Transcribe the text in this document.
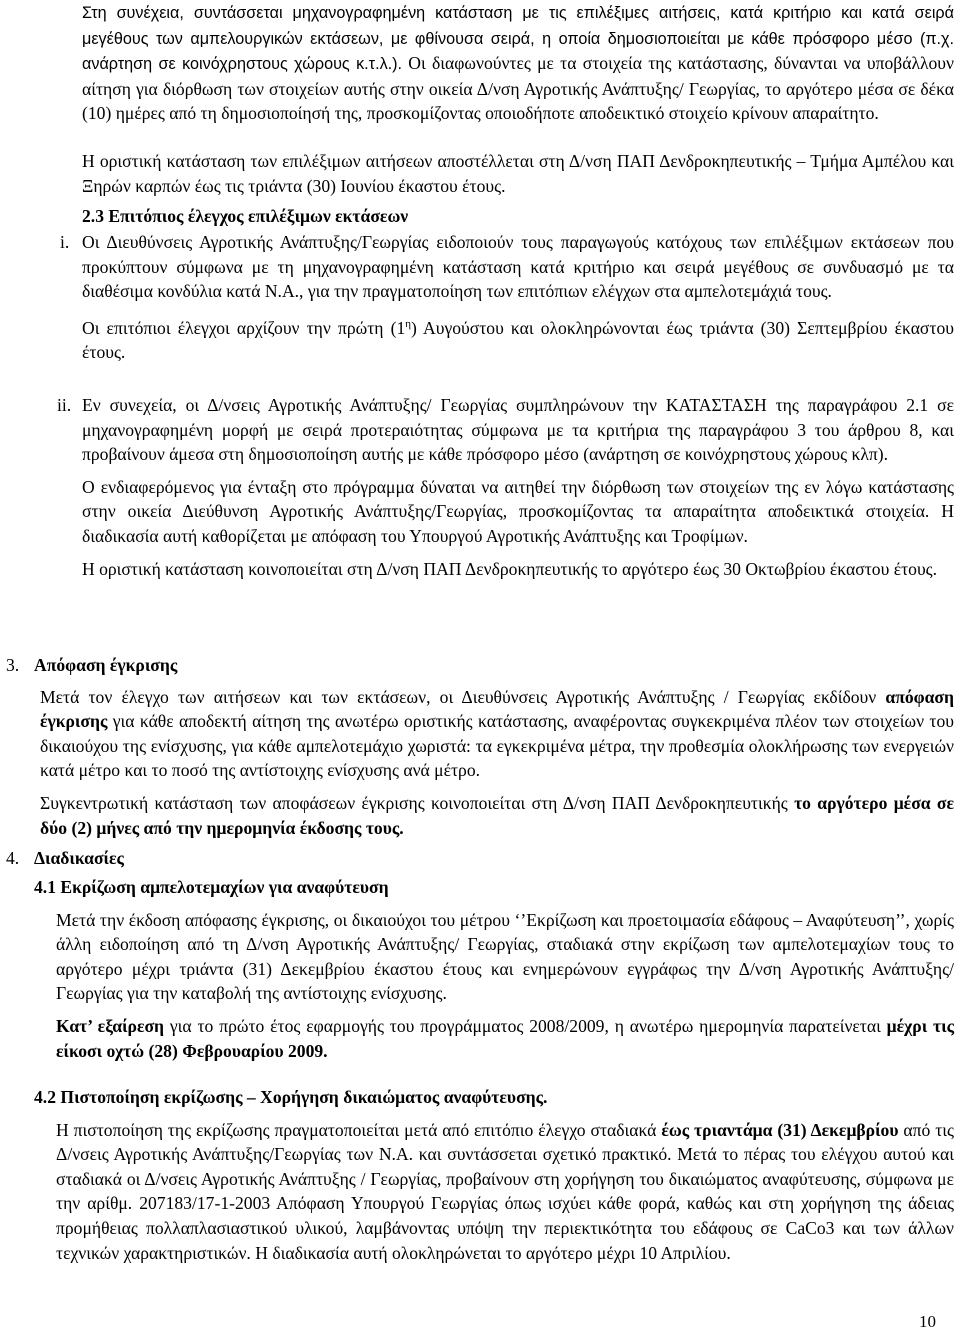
Στη συνέχεια, συντάσσεται μηχανογραφημένη κατάσταση με τις επιλέξιμες αιτήσεις, κατά κριτήριο και κατά σειρά μεγέθους των αμπελουργικών εκτάσεων, με φθίνουσα σειρά, η οποία δημοσιοποιείται με κάθε πρόσφορο μέσο (π.χ. ανάρτηση σε κοινόχρηστους χώρους κ.τ.λ.). Οι διαφωνούντες με τα στοιχεία της κατάστασης, δύνανται να υποβάλλουν αίτηση για διόρθωση των στοιχείων αυτής στην οικεία Δ/νση Αγροτικής Ανάπτυξης/ Γεωργίας, το αργότερο μέσα σε δέκα (10) ημέρες από τη δημοσιοποίησή της, προσκομίζοντας οποιοδήποτε αποδεικτικό στοιχείο κρίνουν απαραίτητο.

Η οριστική κατάσταση των επιλέξιμων αιτήσεων αποστέλλεται στη Δ/νση ΠΑΠ Δενδροκηπευτικής – Τμήμα Αμπέλου και Ξηρών καρπών έως τις τριάντα (30) Ιουνίου έκαστου έτους.

2.3 Επιτόπιος έλεγχος επιλέξιμων εκτάσεων

i. Οι Διευθύνσεις Αγροτικής Ανάπτυξης/Γεωργίας ειδοποιούν τους παραγωγούς κατόχους των επιλέξιμων εκτάσεων που προκύπτουν σύμφωνα με τη μηχανογραφημένη κατάσταση κατά κριτήριο και σειρά μεγέθους σε συνδυασμό με τα διαθέσιμα κονδύλια κατά Ν.Α., για την πραγματοποίηση των επιτόπιων ελέγχων στα αμπελοτεμάχιά τους.

Οι επιτόπιοι έλεγχοι αρχίζουν την πρώτη $(1^\eta)$ Αυγούστου και ολοκληρώνονται έως τριάντα (30) Σεπτεμβρίου έκαστου έτους.

ii. Εν συνεχεία, οι Δ/νσεις Αγροτικής Ανάπτυξης/ Γεωργίας συμπληρώνουν την ΚΑΤΑΣΤΑΣΗ της παραγράφου 2.1 σε μηχανογραφημένη μορφή με σειρά προτεραιότητας σύμφωνα με τα κριτήρια της παραγράφου 3 του άρθρου 8, και προβαίνουν άμεσα στη δημοσιοποίηση αυτής με κάθε πρόσφορο μέσο (ανάρτηση σε κοινόχρηστους χώρους κλπ).

Ο ενδιαφερόμενος για ένταξη στο πρόγραμμα δύναται να αιτηθεί την διόρθωση των στοιχείων της εν λόγω κατάστασης στην οικεία Διεύθυνση Αγροτικής Ανάπτυξης/Γεωργίας, προσκομίζοντας τα απαραίτητα αποδεικτικά στοιχεία. Η διαδικασία αυτή καθορίζεται με απόφαση του Υπουργού Αγροτικής Ανάπτυξης και Τροφίμων.

Η οριστική κατάσταση κοινοποιείται στη Δ/νση ΠΑΠ Δενδροκηπευτικής το αργότερο έως 30 Οκτωβρίου έκαστου έτους.

3. Απόφαση έγκρισης

Μετά τον έλεγχο των αιτήσεων και των εκτάσεων, οι Διευθύνσεις Αγροτικής Ανάπτυξης / Γεωργίας εκδίδουν απόφαση έγκρισης για κάθε αποδεκτή αίτηση της ανωτέρω οριστικής κατάστασης, αναφέροντας συγκεκριμένα πλέον των στοιχείων του δικαιούχου της ενίσχυσης, για κάθε αμπελοτεμάχιο χωριστά: τα εγκεκριμένα μέτρα, την προθεσμία ολοκλήρωσης των ενεργειών κατά μέτρο και το ποσό της αντίστοιχης ενίσχυσης ανά μέτρο.

Συγκεντρωτική κατάσταση των αποφάσεων έγκρισης κοινοποιείται στη Δ/νση ΠΑΠ Δενδροκηπευτικής το αργότερο μέσα σε δύο (2) μήνες από την ημερομηνία έκδοσης τους.

4. Διαδικασίες

4.1 Εκρίζωση αμπελοτεμαχίων για αναφύτευση

Μετά την έκδοση απόφασης έγκρισης, οι δικαιούχοι του μέτρου ‘’Εκρίζωση και προετοιμασία εδάφους – Αναφύτευση’’, χωρίς άλλη ειδοποίηση από τη Δ/νση Αγροτικής Ανάπτυξης/ Γεωργίας, σταδιακά στην εκρίζωση των αμπελοτεμαχίων τους το αργότερο μέχρι τριάντα (31) Δεκεμβρίου έκαστου έτους και ενημερώνουν εγγράφως την Δ/νση Αγροτικής Ανάπτυξης/ Γεωργίας για την καταβολή της αντίστοιχης ενίσχυσης.

Κατ’ εξαίρεση για το πρώτο έτος εφαρμογής του προγράμματος 2008/2009, η ανωτέρω ημερομηνία παρατείνεται μέχρι τις είκοσι οχτώ (28) Φεβρουαρίου 2009.

4.2 Πιστοποίηση εκρίζωσης – Χορήγηση δικαιώματος αναφύτευσης.

Η πιστοποίηση της εκρίζωσης πραγματοποιείται μετά από επιτόπιο έλεγχο σταδιακά έως τριαντάμα (31) Δεκεμβρίου από τις Δ/νσεις Αγροτικής Ανάπτυξης/Γεωργίας των Ν.Α. και συντάσσεται σχετικό πρακτικό. Μετά το πέρας του ελέγχου αυτού και σταδιακά οι Δ/νσεις Αγροτικής Ανάπτυξης / Γεωργίας, προβαίνουν στη χορήγηση του δικαιώματος αναφύτευσης, σύμφωνα με την αρίθμ. 207183/17-1-2003 Απόφαση Υπουργού Γεωργίας όπως ισχύει κάθε φορά, καθώς και στη χορήγηση της άδειας προμήθειας πολλαπλασιαστικού υλικού, λαμβάνοντας υπόψη την περιεκτικότητα του εδάφους σε CaCo3 και των άλλων τεχνικών χαρακτηριστικών. Η διαδικασία αυτή ολοκληρώνεται το αργότερο μέχρι 10 Απριλίου.

10
